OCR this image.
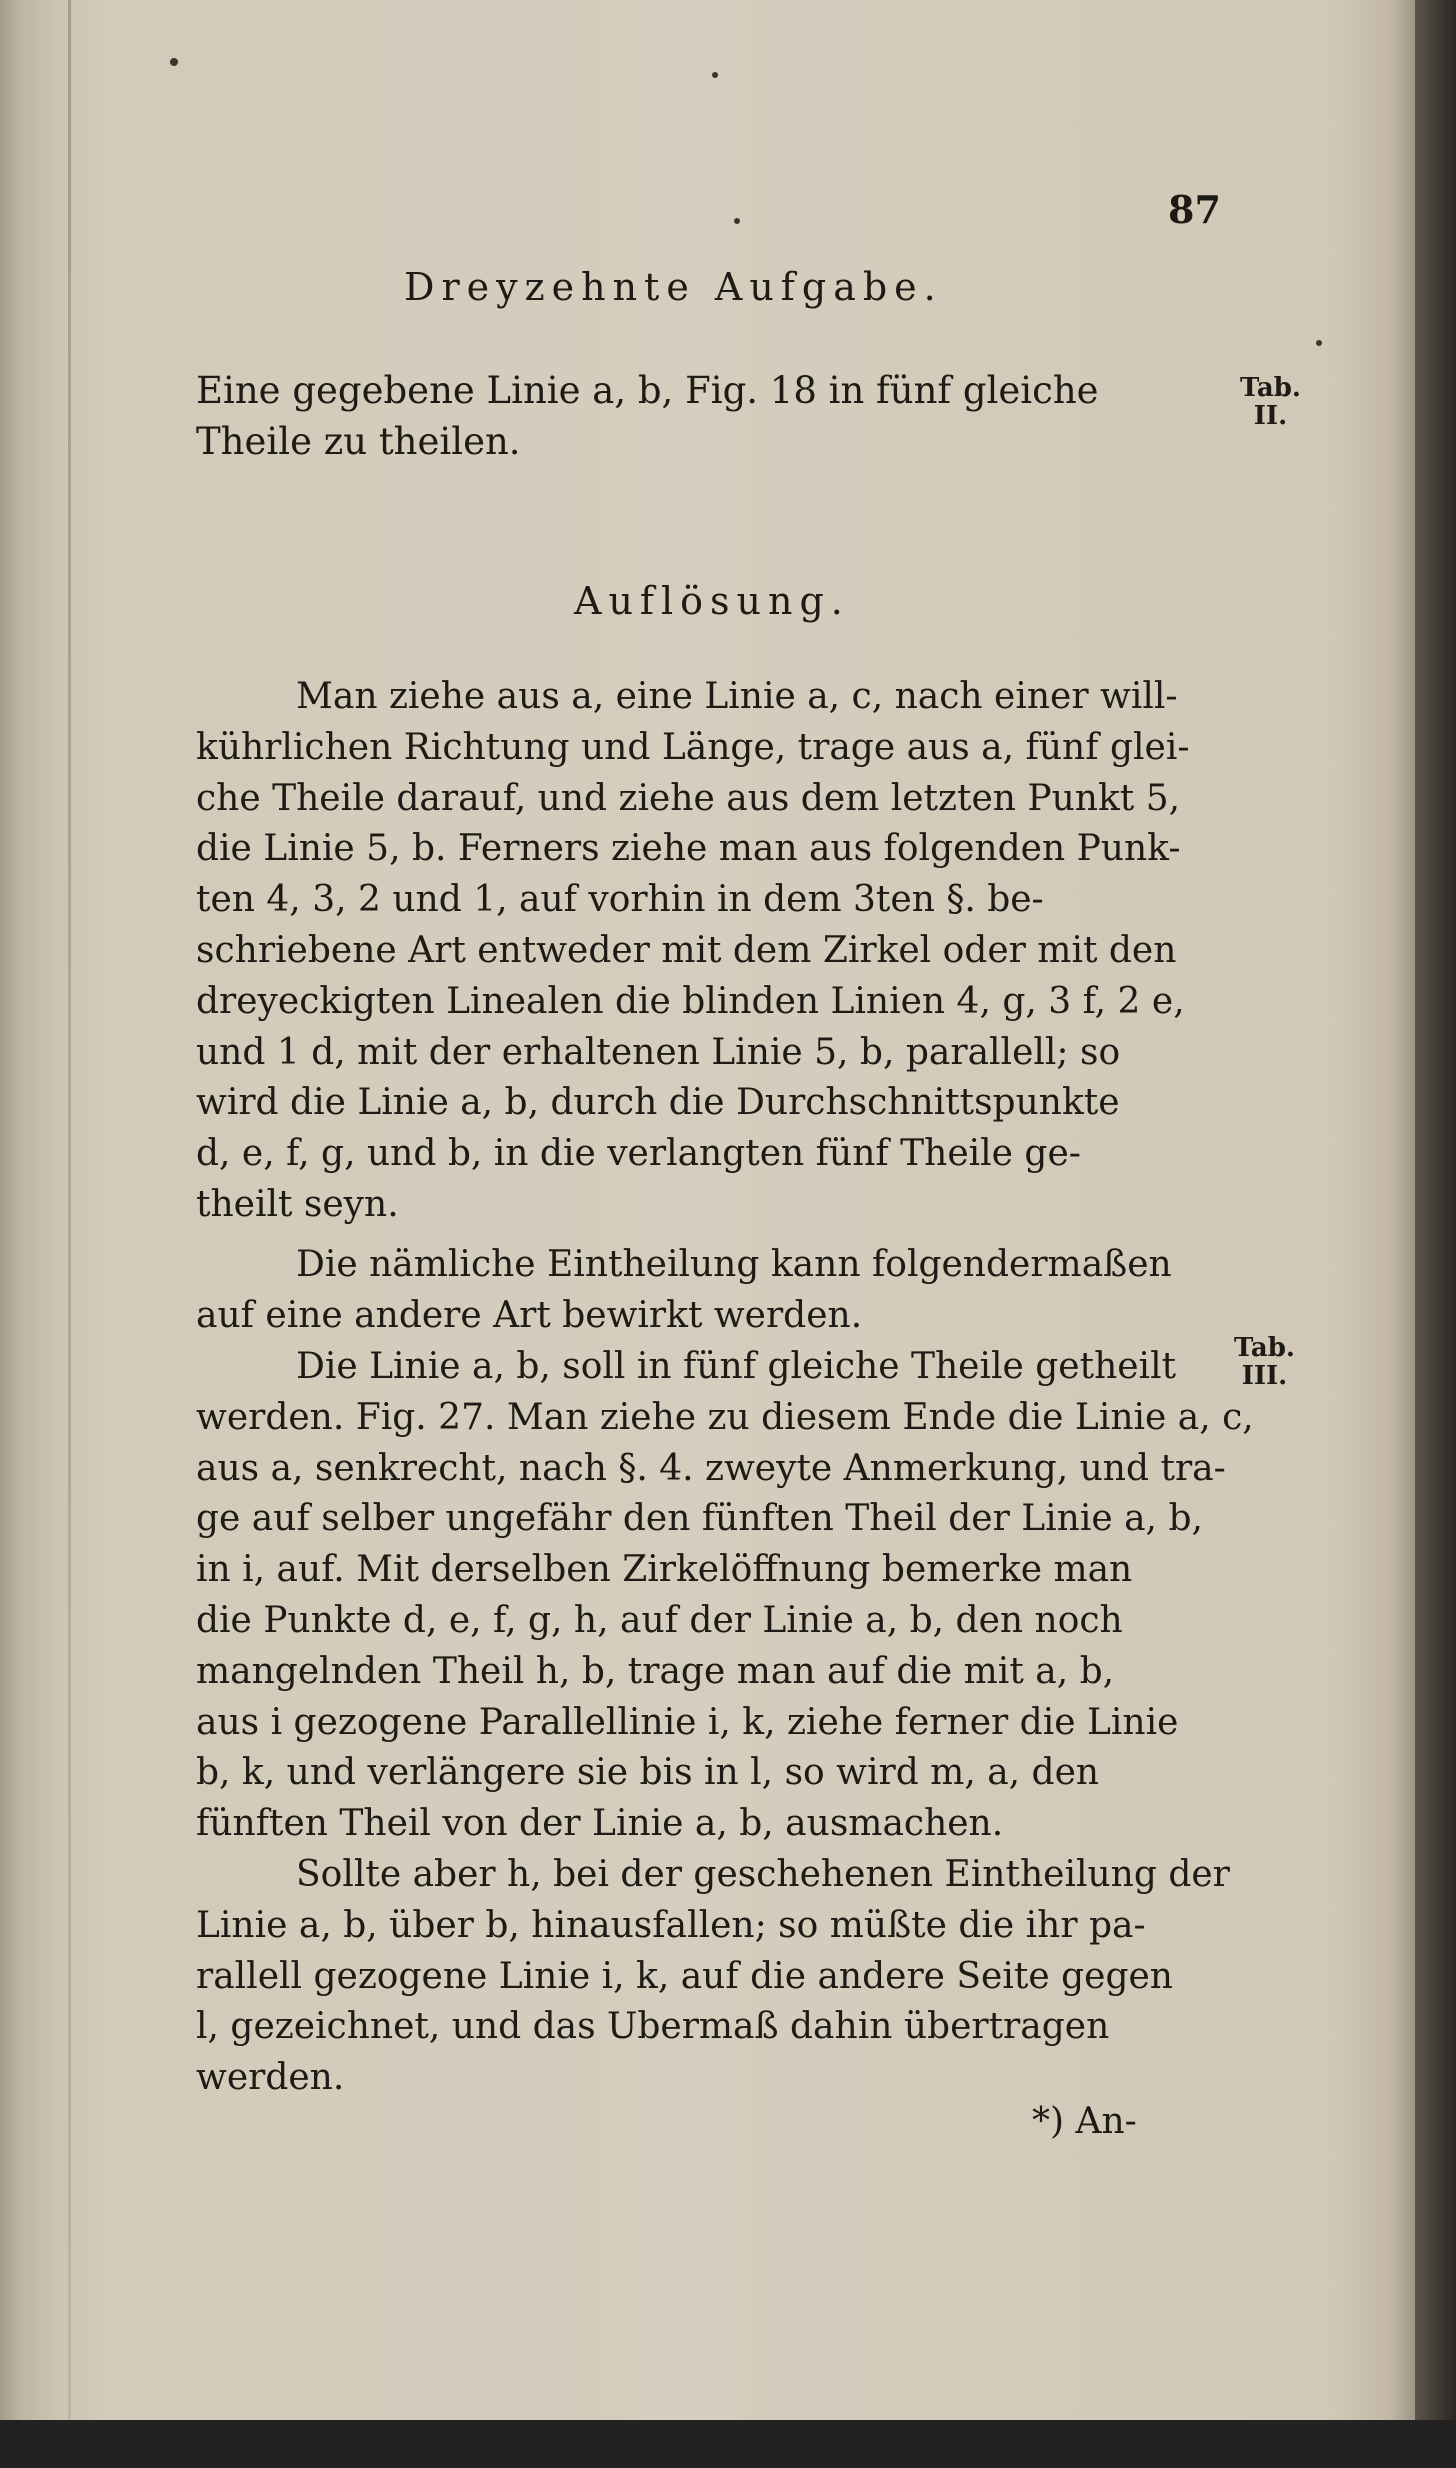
87
Dreyzehnte Aufgabe.
Eine gegebene Linie a, b, Fig. 18 in fünf gleiche
Theile zu theilen.
Tab.
II.
Auflösung.
Man ziehe aus a, eine Linie a, c, nach einer will-
kührlichen Richtung und Länge, trage aus a, fünf glei-
che Theile darauf, und ziehe aus dem letzten Punkt 5,
die Linie 5, b. Ferners ziehe man aus folgenden Punk-
ten 4, 3, 2 und 1, auf vorhin in dem 3ten §. be-
schriebene Art entweder mit dem Zirkel oder mit den
dreyeckigten Linealen die blinden Linien 4, g, 3 f, 2 e,
und 1 d, mit der erhaltenen Linie 5, b, parallell; so
wird die Linie a, b, durch die Durchschnittspunkte
d, e, f, g, und b, in die verlangten fünf Theile ge-
theilt seyn.
Die nämliche Eintheilung kann folgendermaßen
auf eine andere Art bewirkt werden.
Tab.
III.
Die Linie a, b, soll in fünf gleiche Theile getheilt
werden. Fig. 27. Man ziehe zu diesem Ende die Linie a, c,
aus a, senkrecht, nach §. 4. zweyte Anmerkung, und tra-
ge auf selber ungefähr den fünften Theil der Linie a, b,
in i, auf. Mit derselben Zirkelöffnung bemerke man
die Punkte d, e, f, g, h, auf der Linie a, b, den noch
mangelnden Theil h, b, trage man auf die mit a, b,
aus i gezogene Parallellinie i, k, ziehe ferner die Linie
b, k, und verlängere sie bis in l, so wird m, a, den
fünften Theil von der Linie a, b, ausmachen.
Sollte aber h, bei der geschehenen Eintheilung der
Linie a, b, über b, hinausfallen; so müßte die ihr pa-
rallell gezogene Linie i, k, auf die andere Seite gegen
l, gezeichnet, und das Ubermaß dahin übertragen
werden.
*) An-
